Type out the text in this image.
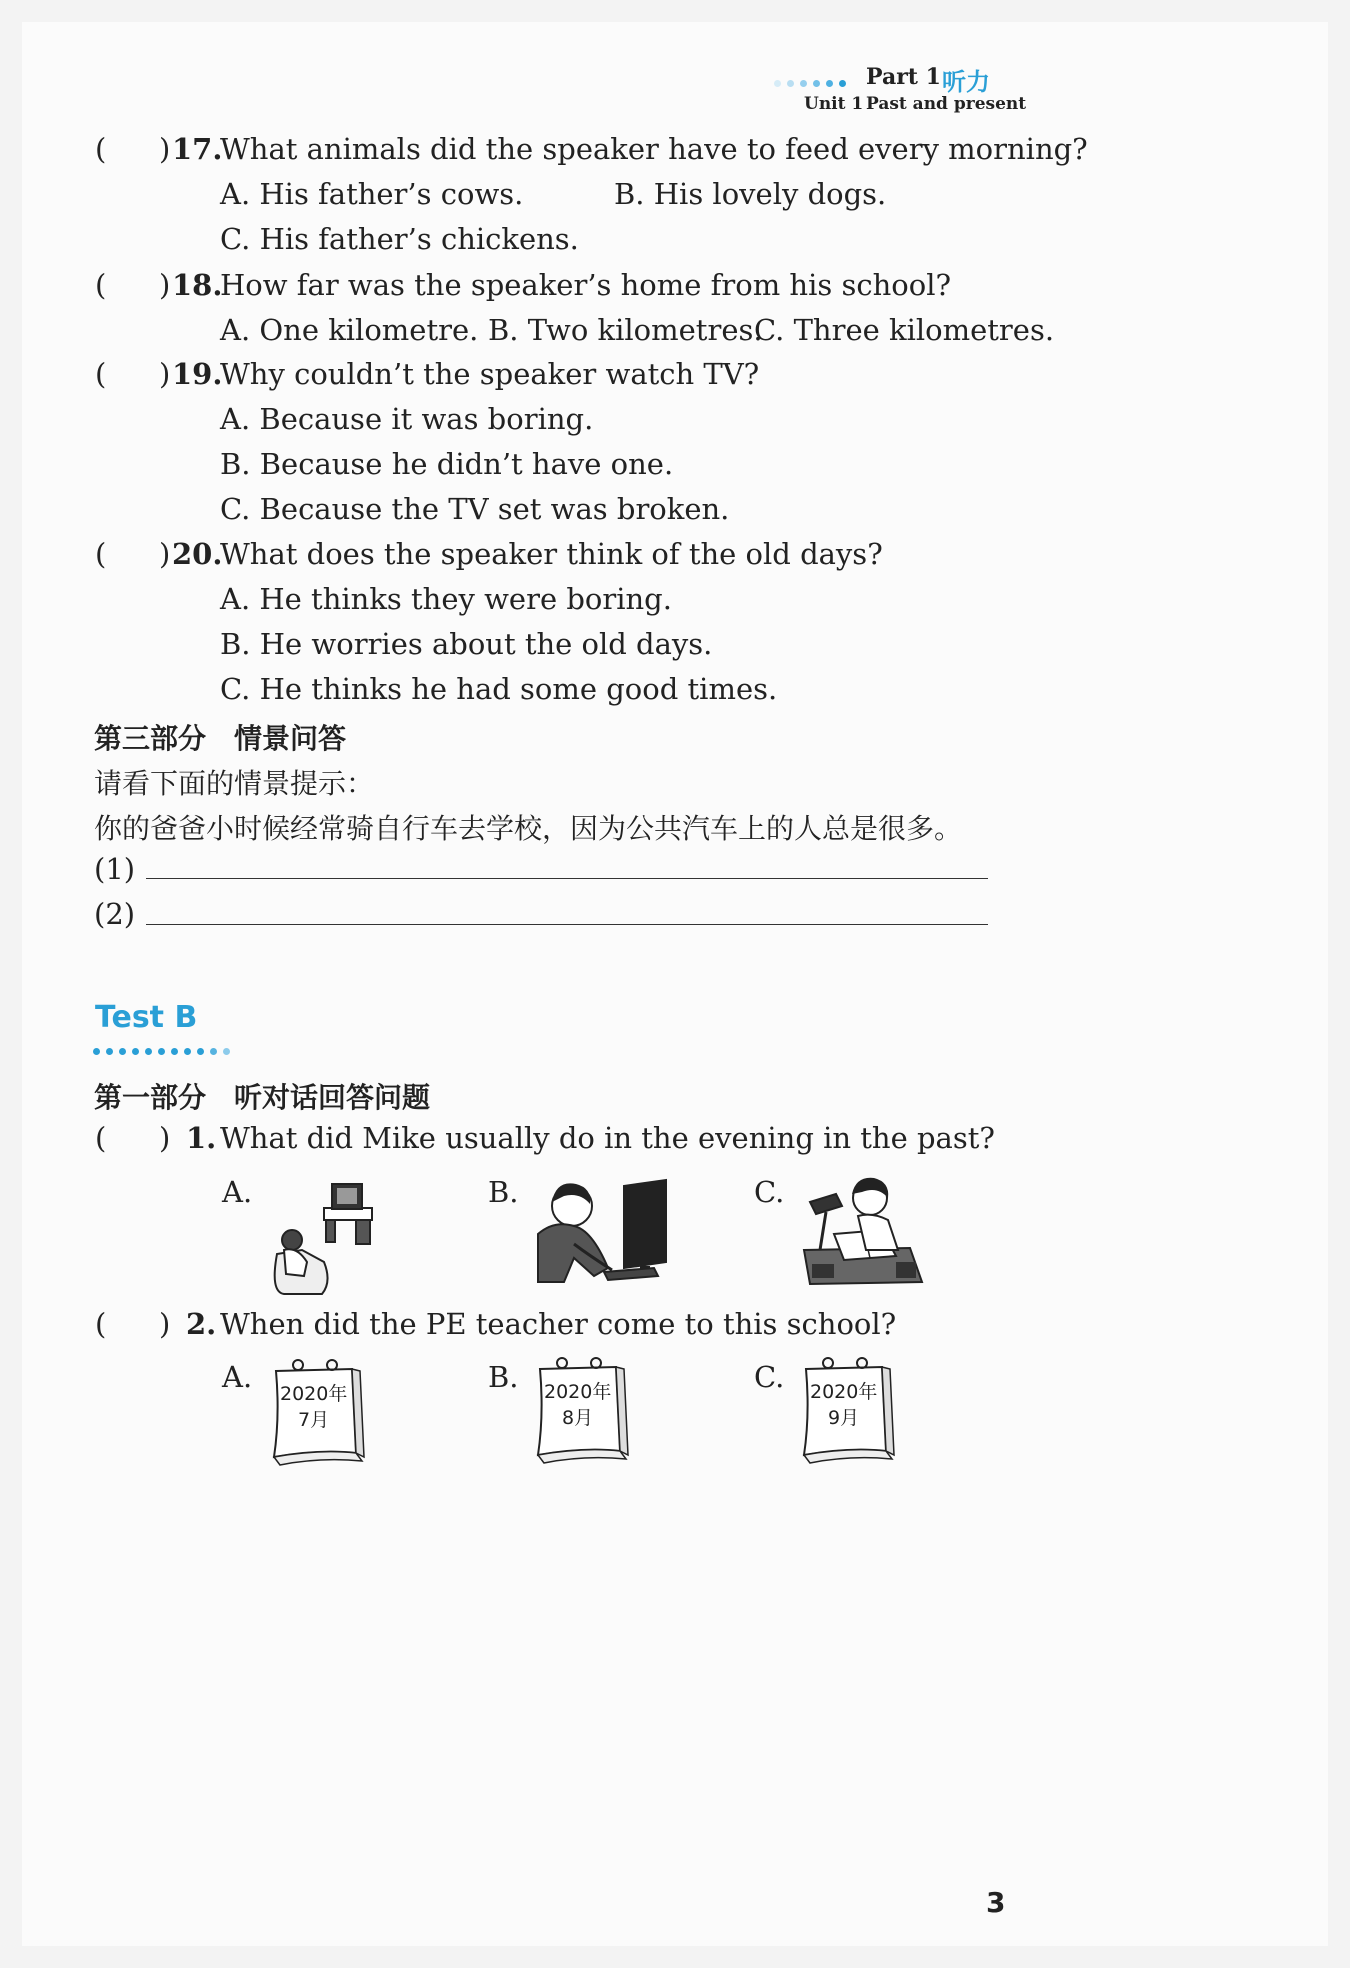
Part 1 听力
Unit 1 Past and present
( ) 17.
What animals did the speaker have to feed every morning?
A. His father’s cows.	B. His lovely dogs.
C. His father’s chickens.
( ) 18.
How far was the speaker’s home from his school?
A. One kilometre. B. Two kilometres.
C. Three kilometres.
( ) 19.
Why couldn’t the speaker watch TV?
A. Because it was boring.
B. Because he didn’t have one.
C. Because the TV set was broken.
( ) 20.
What does the speaker think of the old days?
A. He thinks they were boring.
B. He worries about the old days.
C. He thinks he had some good times.
第三部分　情景问答
请看下面的情景提示：
你的爸爸小时候经常骑自行车去学校，因为公共汽车上的人总是很多。
(1)
(2)
Test B
第一部分　听对话回答问题
( ) 1. What did Mike usually do in the evening in the past?
A.	B.	C.
( ) 2. When did the PE teacher come to this school?
A.	B.	C.
2020年
7月
2020年
8月
2020年
9月
3
